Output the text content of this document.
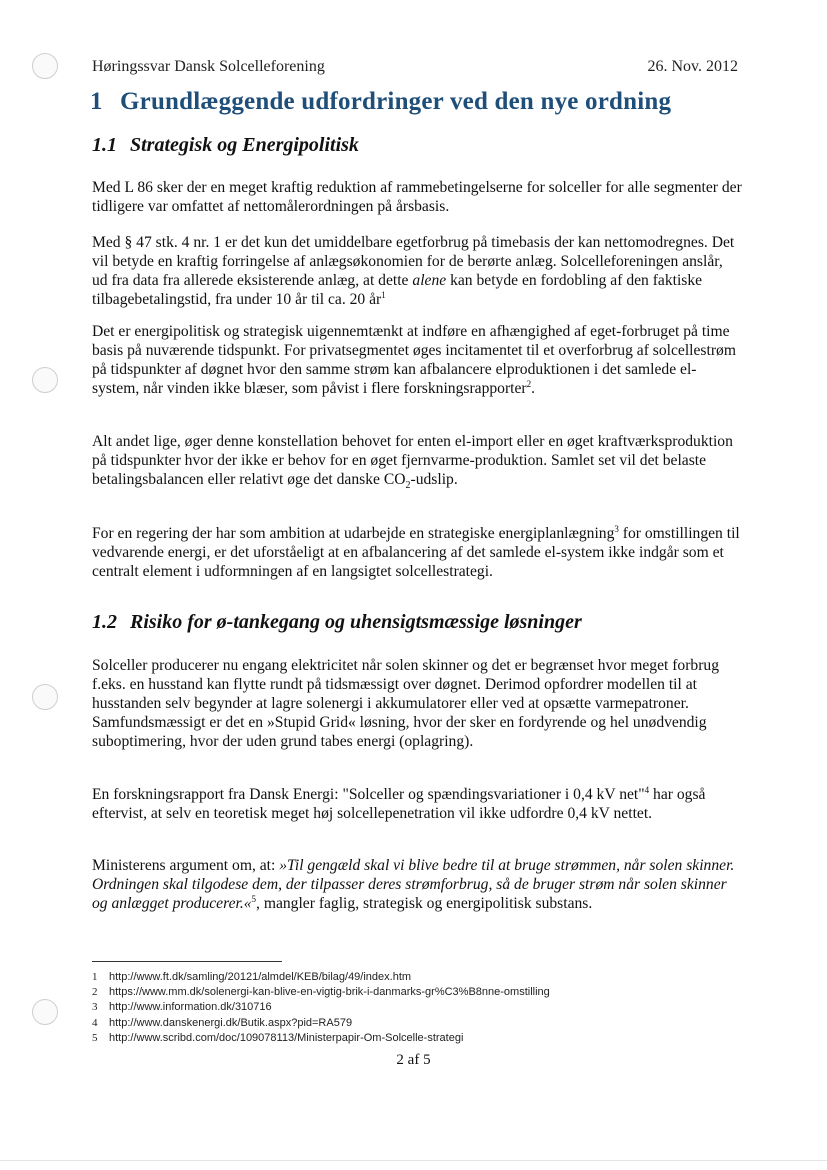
Høringssvar Dansk Solcelleforening	26. Nov. 2012
1 Grundlæggende udfordringer ved den nye ordning
1.1 Strategisk og Energipolitisk

Med L 86 sker der en meget kraftig reduktion af rammebetingelserne for solceller for alle segmenter der tidligere var omfattet af nettomålerordningen på årsbasis.

Med § 47 stk. 4 nr. 1 er det kun det umiddelbare egetforbrug på timebasis der kan nettomodregnes. Det vil betyde en kraftig forringelse af anlægsøkonomien for de berørte anlæg. Solcelleforeningen anslår, ud fra data fra allerede eksisterende anlæg, at dette alene kan betyde en fordobling af den faktiske tilbagebetalingstid, fra under 10 år til ca. 20 $år^1$

Det er energipolitisk og strategisk uigennemtænkt at indføre en afhængighed af eget-forbruget på time basis på nuværende tidspunkt. For privatsegmentet øges incitamentet til et overforbrug af solcellestrøm på tidspunkter af døgnet hvor den samme strøm kan afbalancere elproduktionen i det samlede el-system, når vinden ikke blæser, som påvist i flere forskningsrapporter$^2$.

Alt andet lige, øger denne konstellation behovet for enten el-import eller en øget kraftværksproduktion på tidspunkter hvor der ikke er behov for en øget fjernvarme-produktion. Samlet set vil det belaste betalingsbalancen eller relativt øge det danske $CO_2$-udslip.

For en regering der har som ambition at udarbejde en strategiske energiplanlægning$^3$ for omstillingen til vedvarende energi, er det uforståeligt at en afbalancering af det samlede el-system ikke indgår som et centralt element i udformningen af en langsigtet solcellestrategi.

1.2 Risiko for ø-tankegang og uhensigtsmæssige løsninger

Solceller producerer nu engang elektricitet når solen skinner og det er begrænset hvor meget forbrug f.eks. en husstand kan flytte rundt på tidsmæssigt over døgnet. Derimod opfordrer modellen til at husstanden selv begynder at lagre solenergi i akkumulatorer eller ved at opsætte varmepatroner. Samfundsmæssigt er det en »Stupid Grid« løsning, hvor der sker en fordyrende og hel unødvendig suboptimering, hvor der uden grund tabes energi (oplagring).

En forskningsrapport fra Dansk Energi: "Solceller og spændingsvariationer i 0,4 kV net"$^4$ har også eftervist, at selv en teoretisk meget høj solcellepenetration vil ikke udfordre 0,4 kV nettet.

Ministerens argument om, at: »Til gengæld skal vi blive bedre til at bruge strømmen, når solen skinner. Ordningen skal tilgodese dem, der tilpasser deres strømforbrug, så de bruger strøm når solen skinner og anlægget producerer.«$^5$, mangler faglig, strategisk og energipolitisk substans.

1 http://www.ft.dk/samling/20121/almdel/KEB/bilag/49/index.htm
2 https://www.mm.dk/solenergi-kan-blive-en-vigtig-brik-i-danmarks-gr%C3%B8nne-omstilling
3 http://www.information.dk/310716
4 http://www.danskenergi.dk/Butik.aspx?pid=RA579
5 http://www.scribd.com/doc/109078113/Ministerpapir-Om-Solcelle-strategi
2 af 5
